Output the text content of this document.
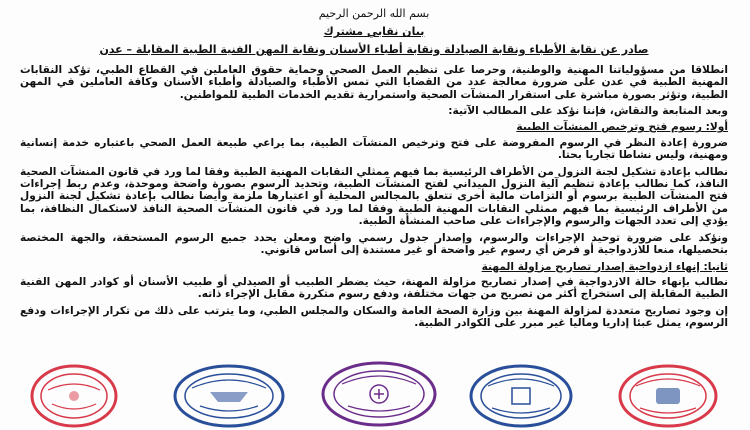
بسم الله الرحمن الرحيم
بيان نقابي مشترك
صادر عن نقابة الأطباء ونقابة الصيادلة ونقابة أطباء الأسنان ونقابة المهن الفنية الطبية المقابلة – عدن

انطلاقا من مسؤولياتنا المهنية والوطنية، وحرصا على تنظيم العمل الصحي وحماية حقوق العاملين في القطاع الطبي، تؤكد النقابات المهنية الطبية في عدن على ضرورة معالجة عدد من القضايا التي تمس الأطباء والصيادلة وأطباء الأسنان وكافة العاملين في المهن الطبية، وتؤثر بصورة مباشرة على استقرار المنشآت الصحية واستمرارية تقديم الخدمات الطبية للمواطنين.

وبعد المتابعة والنقاش، فإننا نؤكد على المطالب الآتية:

أولا: رسوم فتح وترخيص المنشآت الطبية

ضرورة إعادة النظر في الرسوم المفروضة على فتح وترخيص المنشآت الطبية، بما يراعي طبيعة العمل الصحي باعتباره خدمة إنسانية ومهنية، وليس نشاطا تجاريا بحتا.

نطالب بإعادة تشكيل لجنة النزول من الأطراف الرئيسية بما فيهم ممثلي النقابات المهنية الطبية وفقا لما ورد في قانون المنشآت الصحية النافذ، كما نطالب بإعادة تنظيم آلية النزول الميداني لفتح المنشآت الطبية، وتحديد الرسوم بصورة واضحة وموحدة، وعدم ربط إجراءات فتح المنشآت الطبية برسوم أو التزامات مالية أخرى تتعلق بالمجالس المحلية أو اعتبارها ملزمة وأيضا نطالب بإعادة تشكيل لجنة النزول من الأطراف الرئيسية بما فيهم ممثلي النقابات المهنية الطبية وفقا لما ورد في قانون المنشآت الصحية النافذ لاستكمال النظافة، بما يؤدي إلى تعدد الجهات والرسوم والإجراءات على صاحب المنشأة الطبية.

ونؤكد على ضرورة توحيد الإجراءات والرسوم، وإصدار جدول رسمي واضح ومعلن يحدد جميع الرسوم المستحقة، والجهة المختصة بتحصيلها، منعا للازدواجية أو فرض أي رسوم غير واضحة أو غير مستندة إلى أساس قانوني.

ثانيا: إنهاء ازدواجية إصدار تصاريح مزاولة المهنة

نطالب بإنهاء حالة الازدواجية في إصدار تصاريح مزاولة المهنة، حيث يضطر الطبيب أو الصيدلي أو طبيب الأسنان أو كوادر المهن الفنية الطبية المقابلة إلى استخراج أكثر من تصريح من جهات مختلفة، ودفع رسوم متكررة مقابل الإجراء ذاته.

إن وجود تصاريح متعددة لمزاولة المهنة بين وزارة الصحة العامة والسكان والمجلس الطبي، وما يترتب على ذلك من تكرار الإجراءات ودفع الرسوم، يمثل عبئا إداريا وماليا غير مبرر على الكوادر الطبية.
